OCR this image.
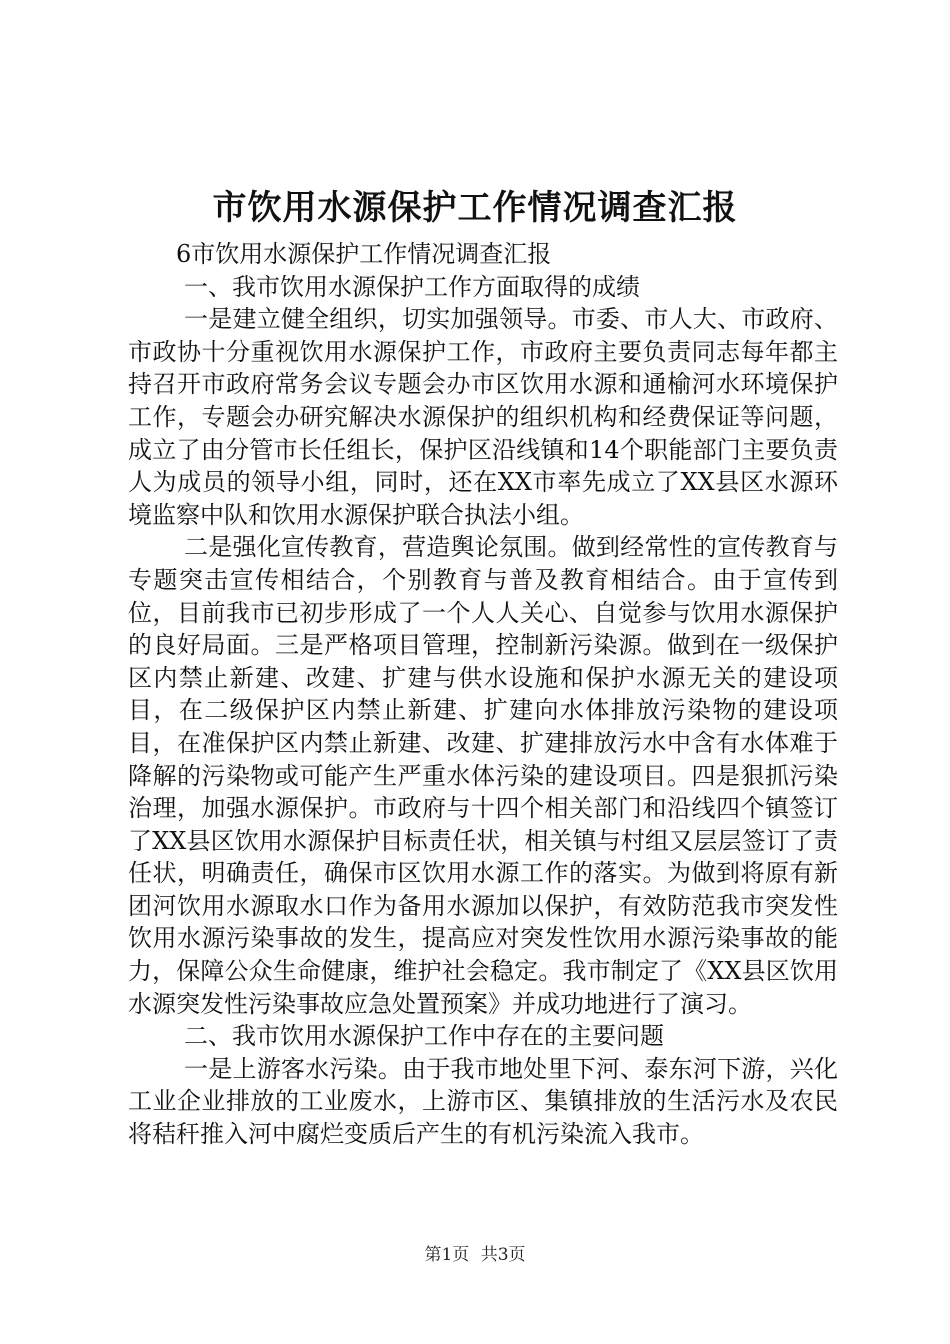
市饮用水源保护工作情况调查汇报

6市饮用水源保护工作情况调查汇报

一、我市饮用水源保护工作方面取得的成绩

一是建立健全组织，切实加强领导。市委、市人大、市政府、市政协十分重视饮用水源保护工作，市政府主要负责同志每年都主持召开市政府常务会议专题会办市区饮用水源和通榆河水环境保护工作，专题会办研究解决水源保护的组织机构和经费保证等问题，成立了由分管市长任组长，保护区沿线镇和14个职能部门主要负责人为成员的领导小组，同时，还在XX市率先成立了XX县区水源环境监察中队和饮用水源保护联合执法小组。

二是强化宣传教育，营造舆论氛围。做到经常性的宣传教育与专题突击宣传相结合，个别教育与普及教育相结合。由于宣传到位，目前我市已初步形成了一个人人关心、自觉参与饮用水源保护的良好局面。三是严格项目管理，控制新污染源。做到在一级保护区内禁止新建、改建、扩建与供水设施和保护水源无关的建设项目，在二级保护区内禁止新建、扩建向水体排放污染物的建设项目，在准保护区内禁止新建、改建、扩建排放污水中含有水体难于降解的污染物或可能产生严重水体污染的建设项目。四是狠抓污染治理，加强水源保护。市政府与十四个相关部门和沿线四个镇签订了XX县区饮用水源保护目标责任状，相关镇与村组又层层签订了责任状，明确责任，确保市区饮用水源工作的落实。为做到将原有新团河饮用水源取水口作为备用水源加以保护，有效防范我市突发性饮用水源污染事故的发生，提高应对突发性饮用水源污染事故的能力，保障公众生命健康，维护社会稳定。我市制定了《XX县区饮用水源突发性污染事故应急处置预案》并成功地进行了演习。

二、我市饮用水源保护工作中存在的主要问题

一是上游客水污染。由于我市地处里下河、泰东河下游，兴化工业企业排放的工业废水，上游市区、集镇排放的生活污水及农民将秸秆推入河中腐烂变质后产生的有机污染流入我市。

第1页 共3页
